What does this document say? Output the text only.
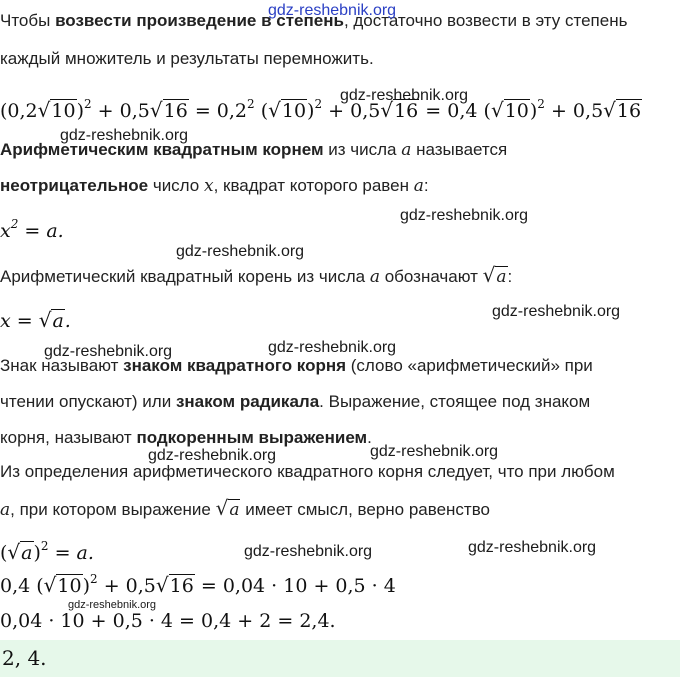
Чтобы возвести произведение в степень, достаточно возвести в эту степень
каждый множитель и результаты перемножить.
$(0,2√10)^2 + 0,5√16 = 0,2^2$ $(√10)^2 + 0,5√16 = 0,4$ $(√10)^2 + 0,5√16$
Арифметическим квадратным корнем из числа a называется
неотрицательное число x, квадрат которого равен a:
$x^2 = a$.
Арифметический квадратный корень из числа a обозначают √a:
x = √a.
Знак называют знаком квадратного корня (слово «арифметический» при
чтении опускают) или знаком радикала. Выражение, стоящее под знаком
корня, называют подкоренным выражением.
Из определения арифметического квадратного корня следует, что при любом
a, при котором выражение √a имеет смысл, верно равенство
$(√a)^2 = a$.
0,4 $(√10)^2 + 0,5√16 = 0,04 \cdot 10 + 0,5 \cdot 4$
0,04 · 10 + 0,5 · 4 = 0,4 + 2 = 2,4.
2, 4.
gdz-reshebnik.org
gdz-reshebnik.org
gdz-reshebnik.org
gdz-reshebnik.org
gdz-reshebnik.org
gdz-reshebnik.org
gdz-reshebnik.org	gdz-reshebnik.org
gdz-reshebnik.org
gdz-reshebnik.org
gdz-reshebnik.org	gdz-reshebnik.org
gdz-reshebnik.org
